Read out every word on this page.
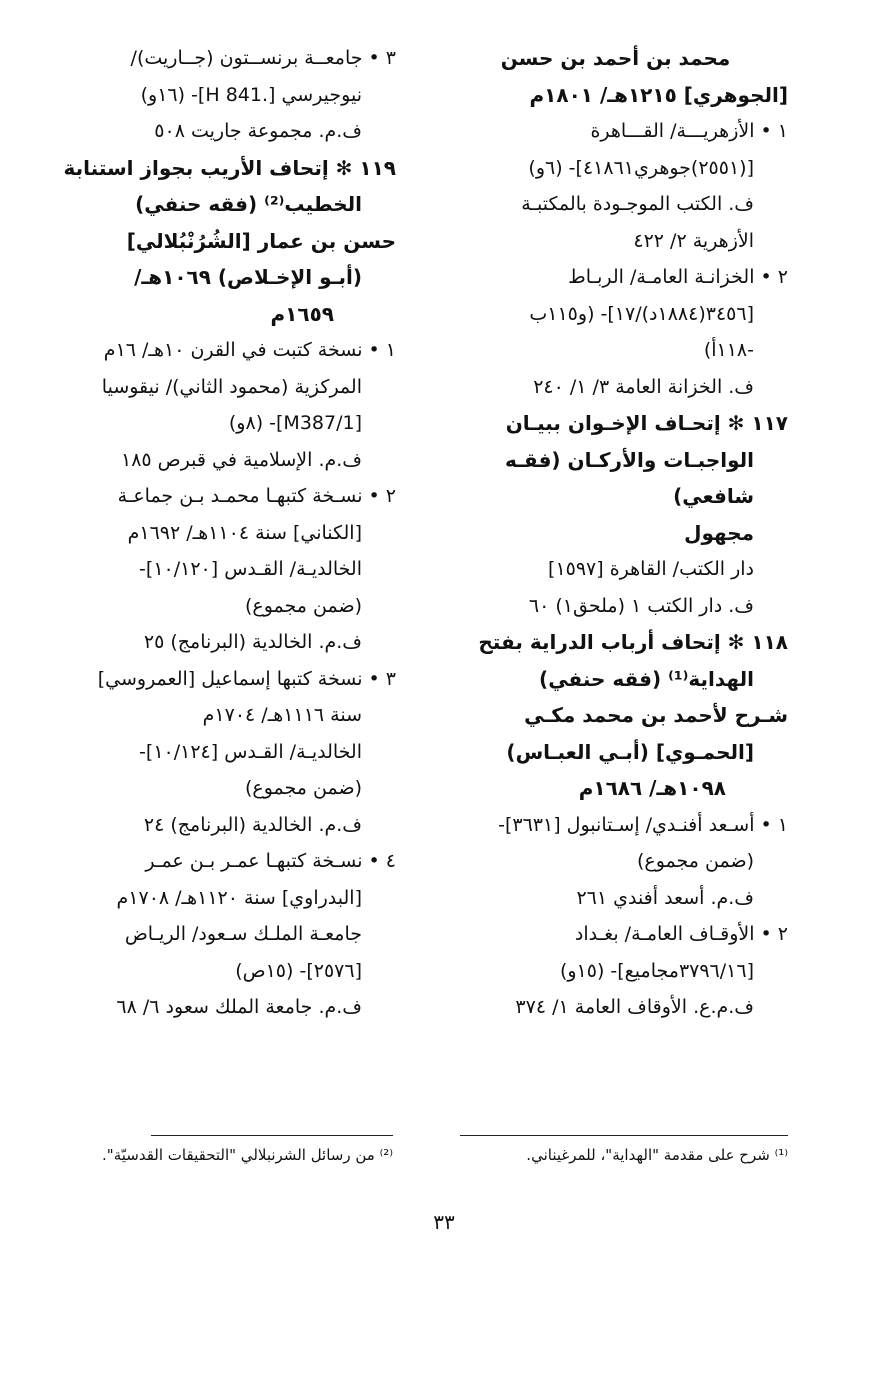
محمد بن أحمد بن حسن
[الجوهري] ١٢١٥هـ/ ١٨٠١م
١ • الأزهريـــة/ القـــاهرة
[(٢٥٥١)جوهري٤١٨٦١]- (٦و)
ف. الكتب الموجـودة بالمكتبـة
الأزهرية ٢/ ٤٢٢
٢ • الخزانـة العامـة/ الربـاط
[٣٤٥٦(١٨٨٤د)/١٧]- (و١١٥ب
-١١٨أ)
ف. الخزانة العامة ٣/ ١/ ٢٤٠
١١٧ ✻ إتحـاف الإخـوان ببيـان
الواجبـات والأركـان (فقـه
شافعي)
مجهول
دار الكتب/ القاهرة [١٥٩٧]
ف. دار الكتب ١ (ملحق١) ٦٠
١١٨ ✻ إتحاف أرباب الدراية بفتح
الهداية⁽¹⁾ (فقه حنفي)
شـرح لأحمد بن محمد مكـي
[الحمـوي] (أبـي العبـاس)
١٠٩٨هـ/ ١٦٨٦م
١ • أسـعد أفنـدي/ إسـتانبول [٣٦٣١]-
(ضمن مجموع)
ف.م. أسعد أفندي ٢٦١
٢ • الأوقـاف العامـة/ بغـداد
[٣٧٩٦/١٦مجاميع]- (١٥و)
ف.م.ع. الأوقاف العامة ١/ ٣٧٤
٣ • جامعــة برنســتون (جــاريت)/
نيوجيرسي [.841 H]- (١٦و)
ف.م. مجموعة جاريت ٥٠٨
١١٩ ✻ إتحاف الأريب بجواز استنابة
الخطيب⁽²⁾ (فقه حنفي)
حسن بن عمار [الشُرُنْبُلالي]
(أبـو الإخـلاص) ١٠٦٩هـ/
١٦٥٩م
١ • نسخة كتبت في القرن ١٠هـ/ ١٦م
المركزية (محمود الثاني)/ نيقوسيا
[M387/1]- (٨و)
ف.م. الإسلامية في قبرص ١٨٥
٢ • نسـخة كتبهـا محمـد بـن جماعـة
[الكناني] سنة ١١٠٤هـ/ ١٦٩٢م
الخالديـة/ القـدس [١٠/١٢٠]-
(ضمن مجموع)
ف.م. الخالدية (البرنامج) ٢٥
٣ • نسخة كتبها إسماعيل [العمروسي]
سنة ١١١٦هـ/ ١٧٠٤م
الخالديـة/ القـدس [١٠/١٢٤]-
(ضمن مجموع)
ف.م. الخالدية (البرنامج) ٢٤
٤ • نسـخة كتبهـا عمـر بـن عمـر
[البدراوي] سنة ١١٢٠هـ/ ١٧٠٨م
جامعـة الملـك سـعود/ الريـاض
[٢٥٧٦]- (١٥ص)
ف.م. جامعة الملك سعود ٦/ ٦٨
⁽¹⁾ شرح على مقدمة "الهداية"، للمرغيناني.
⁽²⁾ من رسائل الشرنبلالي "التحقيقات القدسيّة".
٣٣
